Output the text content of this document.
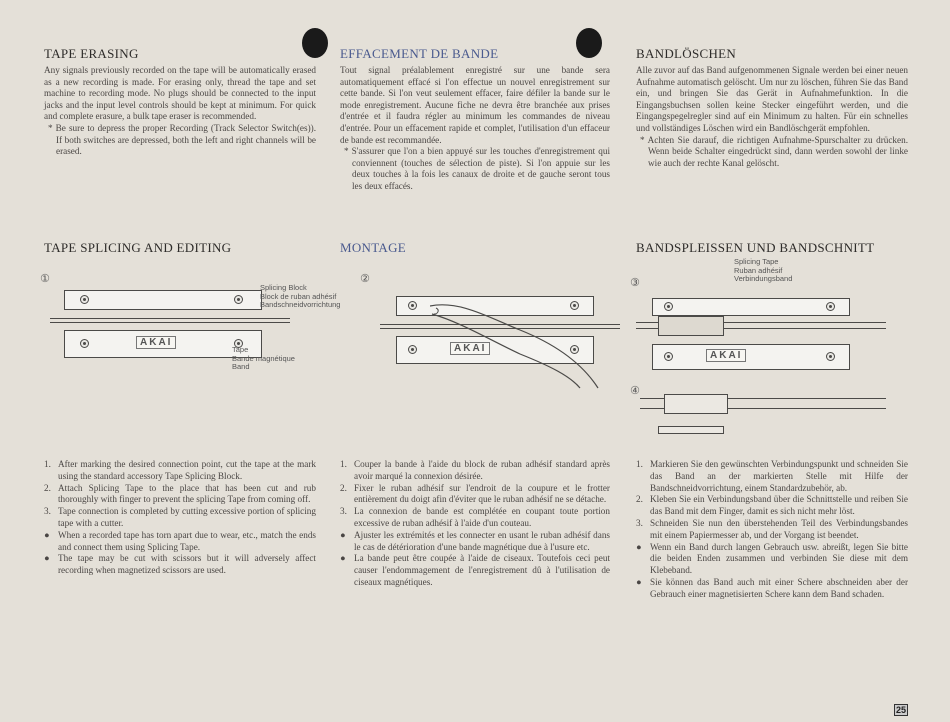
TAPE ERASING

Any signals previously recorded on the tape will be automatically erased as a new recording is made. For erasing only, thread the tape and set machine to recording mode. No plugs should be connected to the input jacks and the input level controls should be kept at minimum. For quick and complete erasure, a bulk tape eraser is recommended.

* Be sure to depress the proper Recording (Track Selector Switch(es)). If both switches are depressed, both the left and right channels will be erased.

TAPE SPLICING AND EDITING
1. After marking the desired connection point, cut the tape at the mark using the standard accessory Tape Splicing Block.
2. Attach Splicing Tape to the place that has been cut and rub thoroughly with finger to prevent the splicing Tape from coming off.
3. Tape connection is completed by cutting excessive portion of splicing tape with a cutter.
● When a recorded tape has torn apart due to wear, etc., match the ends and connect them using Splicing Tape.
● The tape may be cut with scissors but it will adversely affect recording when magnetized scissors are used.
EFFACEMENT DE BANDE

Tout signal préalablement enregistré sur une bande sera automatiquement effacé si l'on effectue un nouvel enregistrement sur cette bande. Si l'on veut seulement effacer, faire défiler la bande sur le mode enregistrement. Aucune fiche ne devra être branchée aux prises d'entrée et il faudra régler au minimum les commandes de niveau d'entrée. Pour un effacement rapide et complet, l'utilisation d'un effaceur de bande est recommandée.

* S'assurer que l'on a bien appuyé sur les touches d'enregistrement qui conviennent (touches de sélection de piste). Si l'on appuie sur les deux touches à la fois les canaux de droite et de gauche seront tous les deux effacés.

MONTAGE
1. Couper la bande à l'aide du block de ruban adhésif standard après avoir marqué la connexion désirée.
2. Fixer le ruban adhésif sur l'endroit de la coupure et le frotter entièrement du doigt afin d'éviter que le ruban adhésif ne se détache.
3. La connexion de bande est complétée en coupant toute portion excessive de ruban adhésif à l'aide d'un couteau.
● Ajuster les extrémités et les connecter en usant le ruban adhésif dans le cas de détérioration d'une bande magnétique due à l'usure etc.
● La bande peut être coupée à l'aide de ciseaux. Toutefois ceci peut causer l'endommagement de l'enregistrement dû à l'utilisation de ciseaux magnétiques.
BANDLÖSCHEN

Alle zuvor auf das Band aufgenommenen Signale werden bei einer neuen Aufnahme automatisch gelöscht. Um nur zu löschen, führen Sie das Band ein, und bringen Sie das Gerät in Aufnahmefunktion. In die Eingangsbuchsen sollen keine Stecker eingeführt werden, und die Eingangspegelregler sind auf ein Minimum zu halten. Für ein schnelles und vollständiges Löschen wird ein Bandlöschgerät empfohlen.

* Achten Sie darauf, die richtigen Aufnahme-Spurschalter zu drücken. Wenn beide Schalter eingedrückt sind, dann werden sowohl der linke wie auch der rechte Kanal gelöscht.

BANDSPLEISSEN UND BANDSCHNITT
1. Markieren Sie den gewünschten Verbindungspunkt und schneiden Sie das Band an der markierten Stelle mit Hilfe der Bandschneidvorrichtung, einem Standardzubehör, ab.
2. Kleben Sie ein Verbindungsband über die Schnittstelle und reiben Sie das Band mit dem Finger, damit es sich nicht mehr löst.
3. Schneiden Sie nun den überstehenden Teil des Verbindungsbandes mit einem Papiermesser ab, und der Vorgang ist beendet.
● Wenn ein Band durch langen Gebrauch usw. abreißt, legen Sie bitte die beiden Enden zusammen und verbinden Sie diese mit dem Klebeband.
● Sie können das Band auch mit einer Schere abschneiden aber der Gebrauch einer magnetisierten Schere kann dem Band schaden.
①
AKAI
Splicing Block
Block de ruban adhésif
Bandschneidvorrichtung
Tape
Bande magnétique
Band
②
AKAI
③
Splicing Tape
Ruban adhésif
Verbindungsband
AKAI
④
25
